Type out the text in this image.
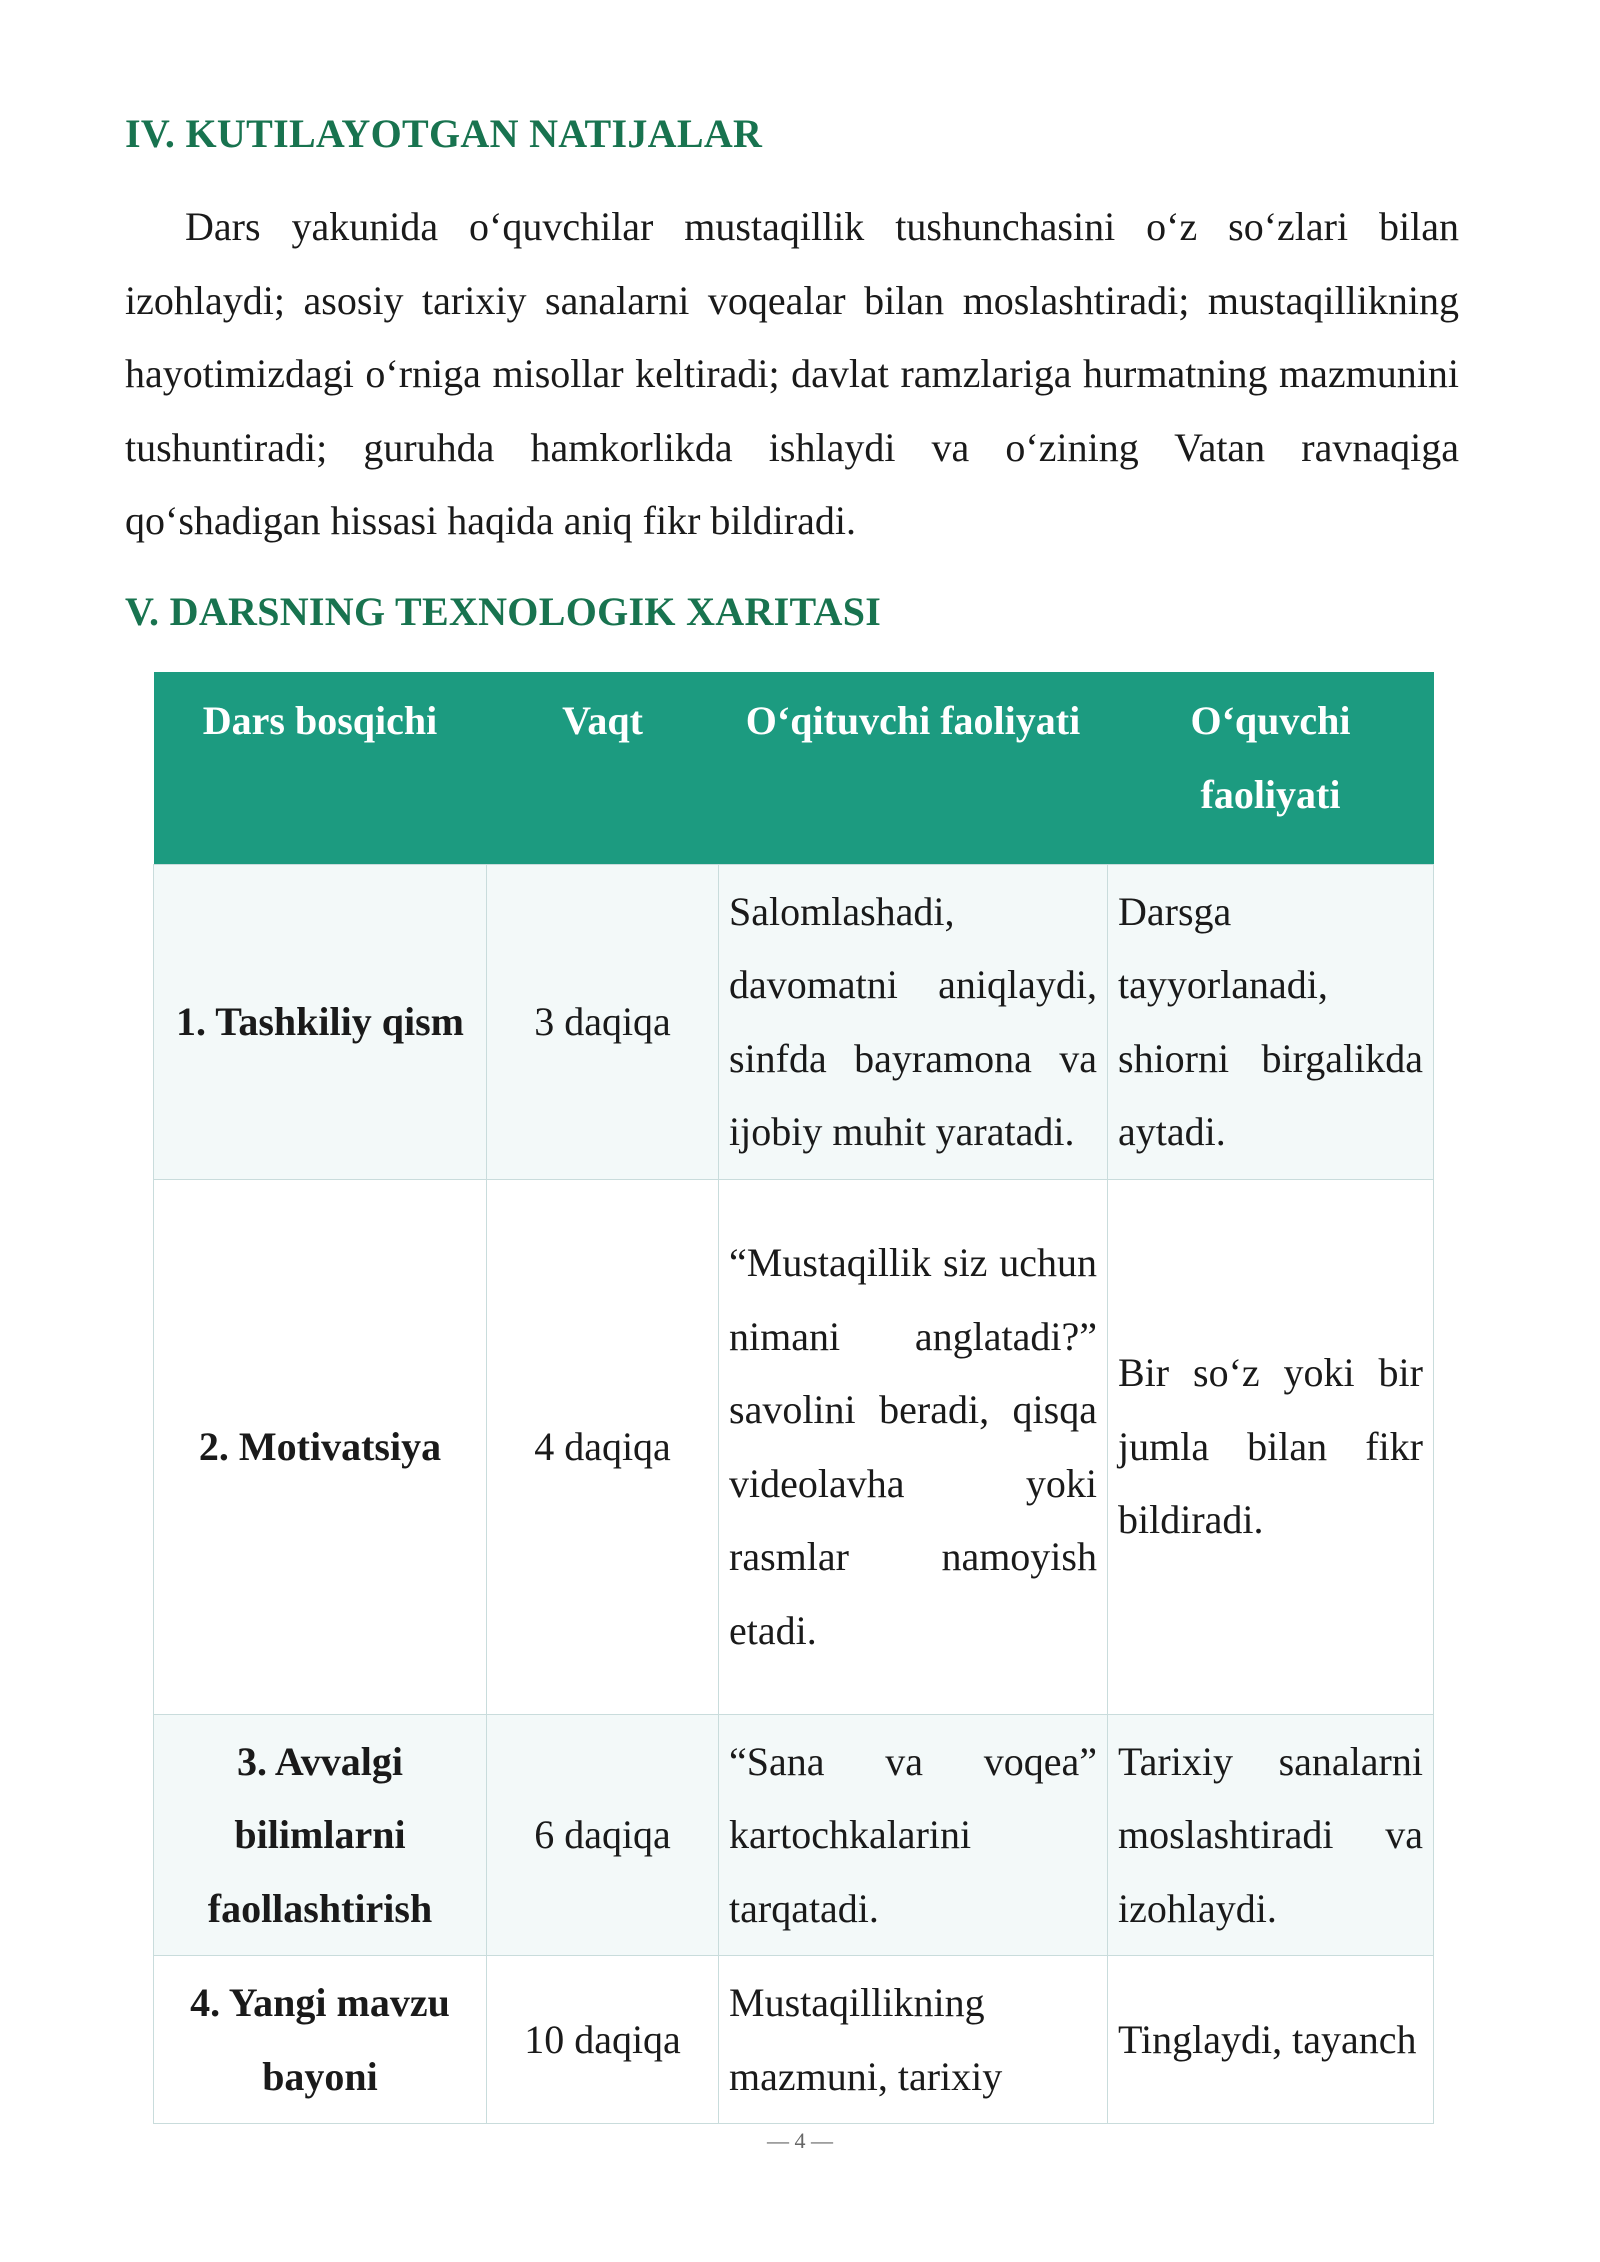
IV. KUTILAYOTGAN NATIJALAR

Dars yakunida o‘quvchilar mustaqillik tushunchasini o‘z so‘zlari bilan izohlaydi; asosiy tarixiy sanalarni voqealar bilan moslashtiradi; mustaqillikning hayotimizdagi o‘rniga misollar keltiradi; davlat ramzlariga hurmatning mazmunini tushuntiradi; guruhda hamkorlikda ishlaydi va o‘zining Vatan ravnaqiga qo‘shadigan hissasi haqida aniq fikr bildiradi.

V. DARSNING TEXNOLOGIK XARITASI
Dars bosqichi	Vaqt	O‘qituvchi faoliyati	O‘quvchi faoliyati
1. Tashkiliy qism	3 daqiqa	Salomlashadi, davomatni aniqlaydi, sinfda bayramona va ijobiy muhit yaratadi.	Darsga tayyorlanadi, shiorni birgalikda aytadi.
2. Motivatsiya	4 daqiqa	“Mustaqillik siz uchun nimani anglatadi?” savolini beradi, qisqa videolavha yoki rasmlar namoyish etadi.	Bir so‘z yoki bir jumla bilan fikr bildiradi.
3. Avvalgi bilimlarni faollashtirish	6 daqiqa	“Sana va voqea” kartochkalarini tarqatadi.	Tarixiy sanalarni moslashtiradi va izohlaydi.
4. Yangi mavzu bayoni	10 daqiqa	Mustaqillikning mazmuni, tarixiy	Tinglaydi, tayanch
— 4 —
